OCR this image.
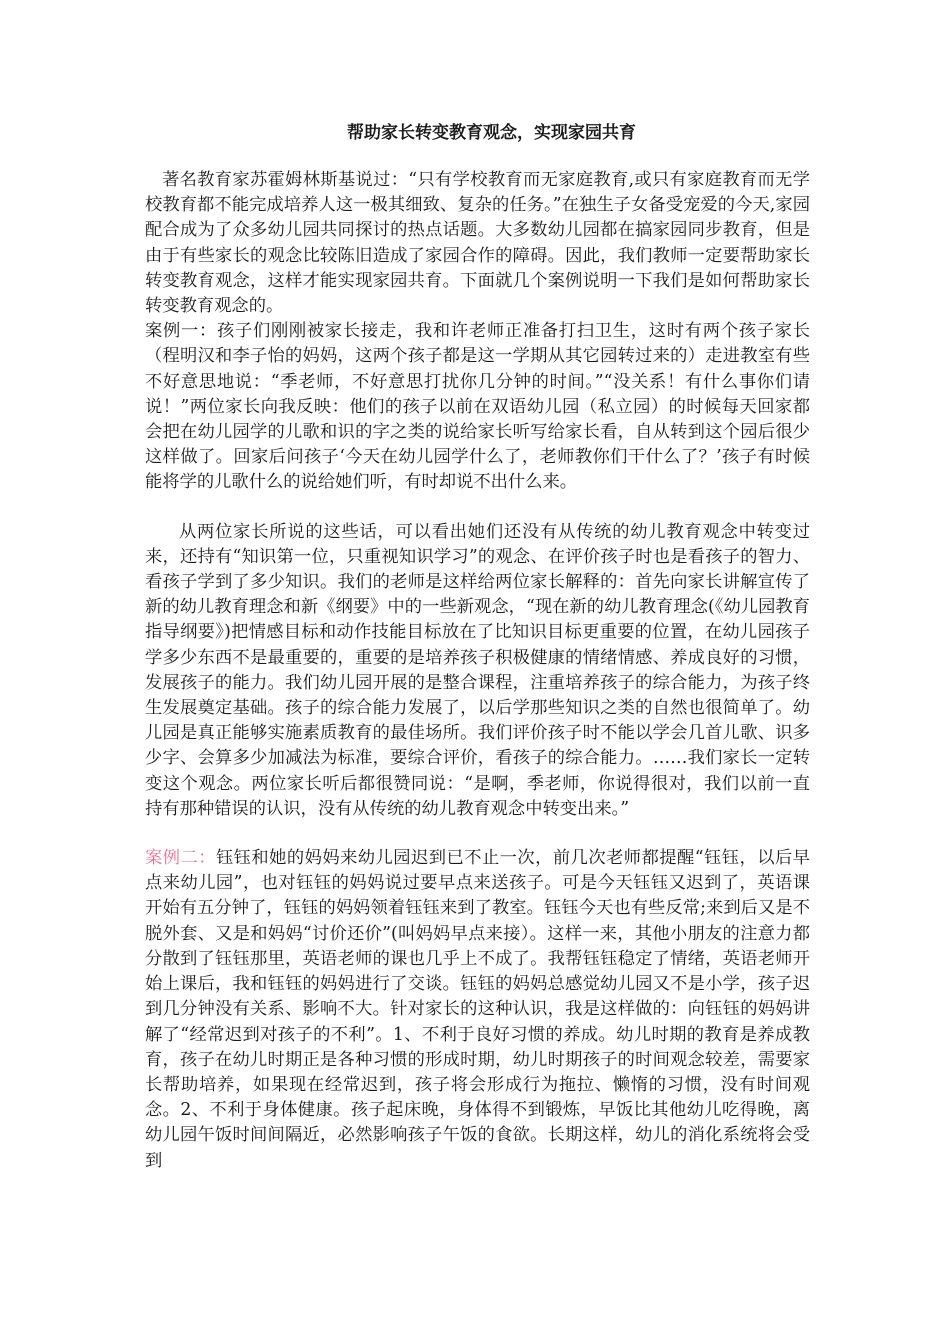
帮助家长转变教育观念，实现家园共育

著名教育家苏霍姆林斯基说过：“只有学校教育而无家庭教育,或只有家庭教育而无学校教育都不能完成培养人这一极其细致、复杂的任务。”在独生子女备受宠爱的今天,家园配合成为了众多幼儿园共同探讨的热点话题。大多数幼儿园都在搞家园同步教育，但是由于有些家长的观念比较陈旧造成了家园合作的障碍。因此，我们教师一定要帮助家长转变教育观念，这样才能实现家园共育。下面就几个案例说明一下我们是如何帮助家长转变教育观念的。

案例一：孩子们刚刚被家长接走，我和许老师正准备打扫卫生，这时有两个孩子家长（程明汉和李子怡的妈妈，这两个孩子都是这一学期从其它园转过来的）走进教室有些不好意思地说：“季老师，不好意思打扰你几分钟的时间。”“没关系！有什么事你们请说！”两位家长向我反映：他们的孩子以前在双语幼儿园（私立园）的时候每天回家都会把在幼儿园学的儿歌和识的字之类的说给家长听写给家长看，自从转到这个园后很少这样做了。回家后问孩子‘今天在幼儿园学什么了，老师教你们干什么了？’孩子有时候能将学的儿歌什么的说给她们听，有时却说不出什么来。

从两位家长所说的这些话，可以看出她们还没有从传统的幼儿教育观念中转变过来，还持有“知识第一位，只重视知识学习”的观念、在评价孩子时也是看孩子的智力、看孩子学到了多少知识。我们的老师是这样给两位家长解释的：首先向家长讲解宣传了新的幼儿教育理念和新《纲要》中的一些新观念，“现在新的幼儿教育理念(《幼儿园教育指导纲要》)把情感目标和动作技能目标放在了比知识目标更重要的位置，在幼儿园孩子学多少东西不是最重要的，重要的是培养孩子积极健康的情绪情感、养成良好的习惯，发展孩子的能力。我们幼儿园开展的是整合课程，注重培养孩子的综合能力，为孩子终生发展奠定基础。孩子的综合能力发展了，以后学那些知识之类的自然也很简单了。幼儿园是真正能够实施素质教育的最佳场所。我们评价孩子时不能以学会几首儿歌、识多少字、会算多少加减法为标准，要综合评价，看孩子的综合能力。……我们家长一定转变这个观念。两位家长听后都很赞同说：“是啊，季老师，你说得很对，我们以前一直持有那种错误的认识，没有从传统的幼儿教育观念中转变出来。”

案例二：钰钰和她的妈妈来幼儿园迟到已不止一次，前几次老师都提醒“钰钰，以后早点来幼儿园”，也对钰钰的妈妈说过要早点来送孩子。可是今天钰钰又迟到了，英语课开始有五分钟了，钰钰的妈妈领着钰钰来到了教室。钰钰今天也有些反常;来到后又是不脱外套、又是和妈妈“讨价还价”(叫妈妈早点来接）。这样一来，其他小朋友的注意力都分散到了钰钰那里，英语老师的课也几乎上不成了。我帮钰钰稳定了情绪，英语老师开始上课后，我和钰钰的妈妈进行了交谈。钰钰的妈妈总感觉幼儿园又不是小学，孩子迟到几分钟没有关系、影响不大。针对家长的这种认识，我是这样做的：向钰钰的妈妈讲解了“经常迟到对孩子的不利”。1、不利于良好习惯的养成。幼儿时期的教育是养成教育，孩子在幼儿时期正是各种习惯的形成时期，幼儿时期孩子的时间观念较差，需要家长帮助培养，如果现在经常迟到，孩子将会形成行为拖拉、懒惰的习惯，没有时间观念。2、不利于身体健康。孩子起床晚，身体得不到锻炼，早饭比其他幼儿吃得晚，离幼儿园午饭时间间隔近，必然影响孩子午饭的食欲。长期这样，幼儿的消化系统将会受到
